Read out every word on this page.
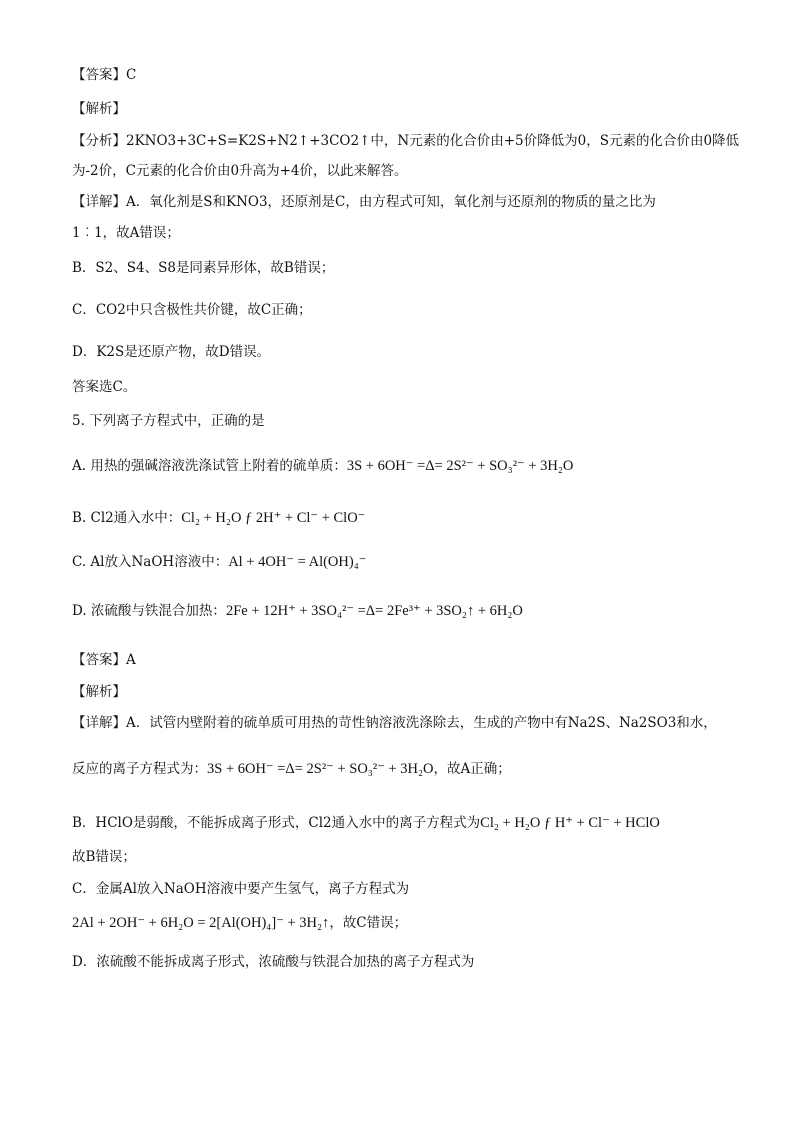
【答案】C
【解析】
【分析】2KNO3+3C+S=K2S+N2↑+3CO2↑中，N元素的化合价由+5价降低为0，S元素的化合价由0降低
为-2价，C元素的化合价由0升高为+4价，以此来解答。
【详解】A．氧化剂是S和KNO3，还原剂是C，由方程式可知，氧化剂与还原剂的物质的量之比为
1︰1，故A错误；
B．S2、S4、S8是同素异形体，故B错误；
C．CO2中只含极性共价键，故C正确；
D．K2S是还原产物，故D错误。
答案选C。
5. 下列离子方程式中，正确的是
A. 用热的强碱溶液洗涤试管上附着的硫单质：3S + 6OH⁻ =Δ= 2S²⁻ + SO₃²⁻ + 3H₂O
B. Cl2通入水中：Cl₂ + H₂O ƒ 2H⁺ + Cl⁻ + ClO⁻
C. Al放入NaOH溶液中：Al + 4OH⁻ = Al(OH)₄⁻
D. 浓硫酸与铁混合加热：2Fe + 12H⁺ + 3SO₄²⁻ =Δ= 2Fe³⁺ + 3SO₂↑ + 6H₂O
【答案】A
【解析】
【详解】A．试管内壁附着的硫单质可用热的苛性钠溶液洗涤除去，生成的产物中有Na2S、Na2SO3和水，
反应的离子方程式为：3S + 6OH⁻ =Δ= 2S²⁻ + SO₃²⁻ + 3H₂O，故A正确；
B．HClO是弱酸，不能拆成离子形式，Cl2通入水中的离子方程式为Cl₂ + H₂O ƒ H⁺ + Cl⁻ + HClO
故B错误；
C．金属Al放入NaOH溶液中要产生氢气，离子方程式为
2Al + 2OH⁻ + 6H₂O = 2[Al(OH)₄]⁻ + 3H₂↑，故C错误；
D．浓硫酸不能拆成离子形式，浓硫酸与铁混合加热的离子方程式为
